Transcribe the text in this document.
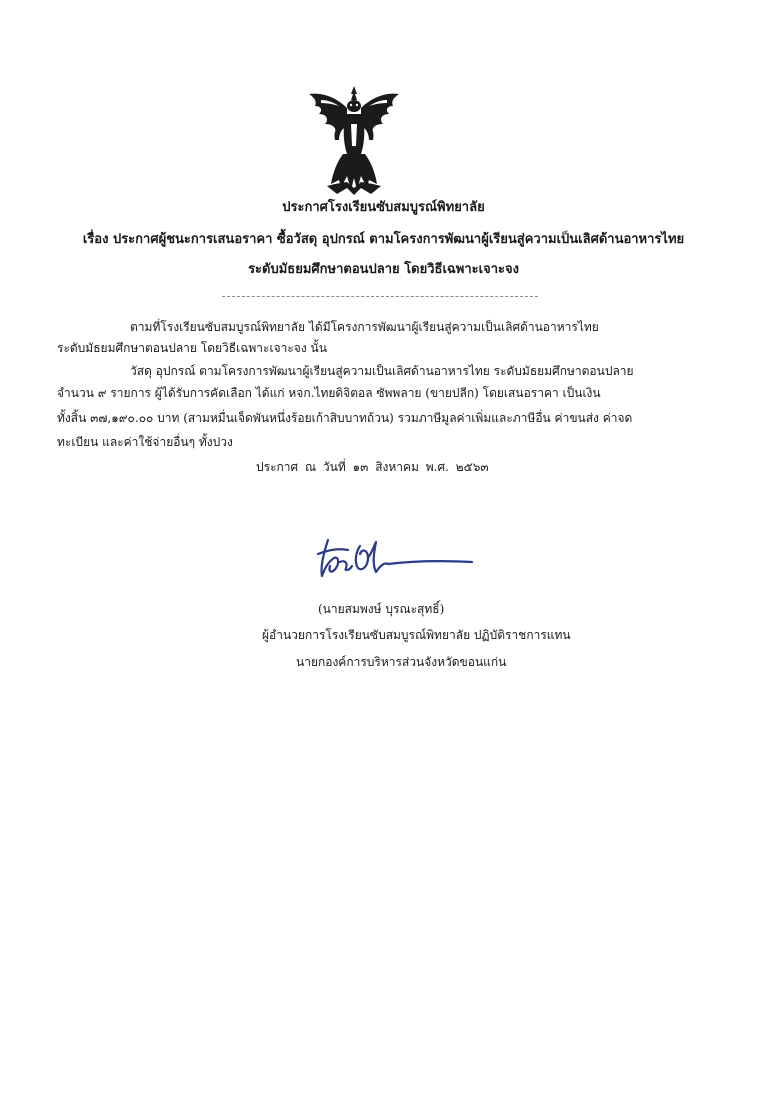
ประกาศโรงเรียนซับสมบูรณ์พิทยาลัย
เรื่อง ประกาศผู้ชนะการเสนอราคา ซื้อวัสดุ อุปกรณ์ ตามโครงการพัฒนาผู้เรียนสู่ความเป็นเลิศด้านอาหารไทย
ระดับมัธยมศึกษาตอนปลาย โดยวิธีเฉพาะเจาะจง
ตามที่โรงเรียนซับสมบูรณ์พิทยาลัย ได้มีโครงการพัฒนาผู้เรียนสู่ความเป็นเลิศด้านอาหารไทย
ระดับมัธยมศึกษาตอนปลาย โดยวิธีเฉพาะเจาะจง นั้น
วัสดุ อุปกรณ์ ตามโครงการพัฒนาผู้เรียนสู่ความเป็นเลิศด้านอาหารไทย ระดับมัธยมศึกษาตอนปลาย
จำนวน ๙ รายการ ผู้ได้รับการคัดเลือก ได้แก่ หจก.ไทยดิจิตอล ซัพพลาย (ขายปลีก) โดยเสนอราคา เป็นเงิน
ทั้งสิ้น ๓๗,๑๙๐.๐๐ บาท (สามหมื่นเจ็ดพันหนึ่งร้อยเก้าสิบบาทถ้วน) รวมภาษีมูลค่าเพิ่มและภาษีอื่น ค่าขนส่ง ค่าจด
ทะเบียน และค่าใช้จ่ายอื่นๆ ทั้งปวง
ประกาศ ณ วันที่ ๑๓ สิงหาคม พ.ศ. ๒๕๖๓
(นายสมพงษ์ บุรณะสุทธิ์)
ผู้อำนวยการโรงเรียนซับสมบูรณ์พิทยาลัย ปฏิบัติราชการแทน
นายกองค์การบริหารส่วนจังหวัดขอนแก่น
